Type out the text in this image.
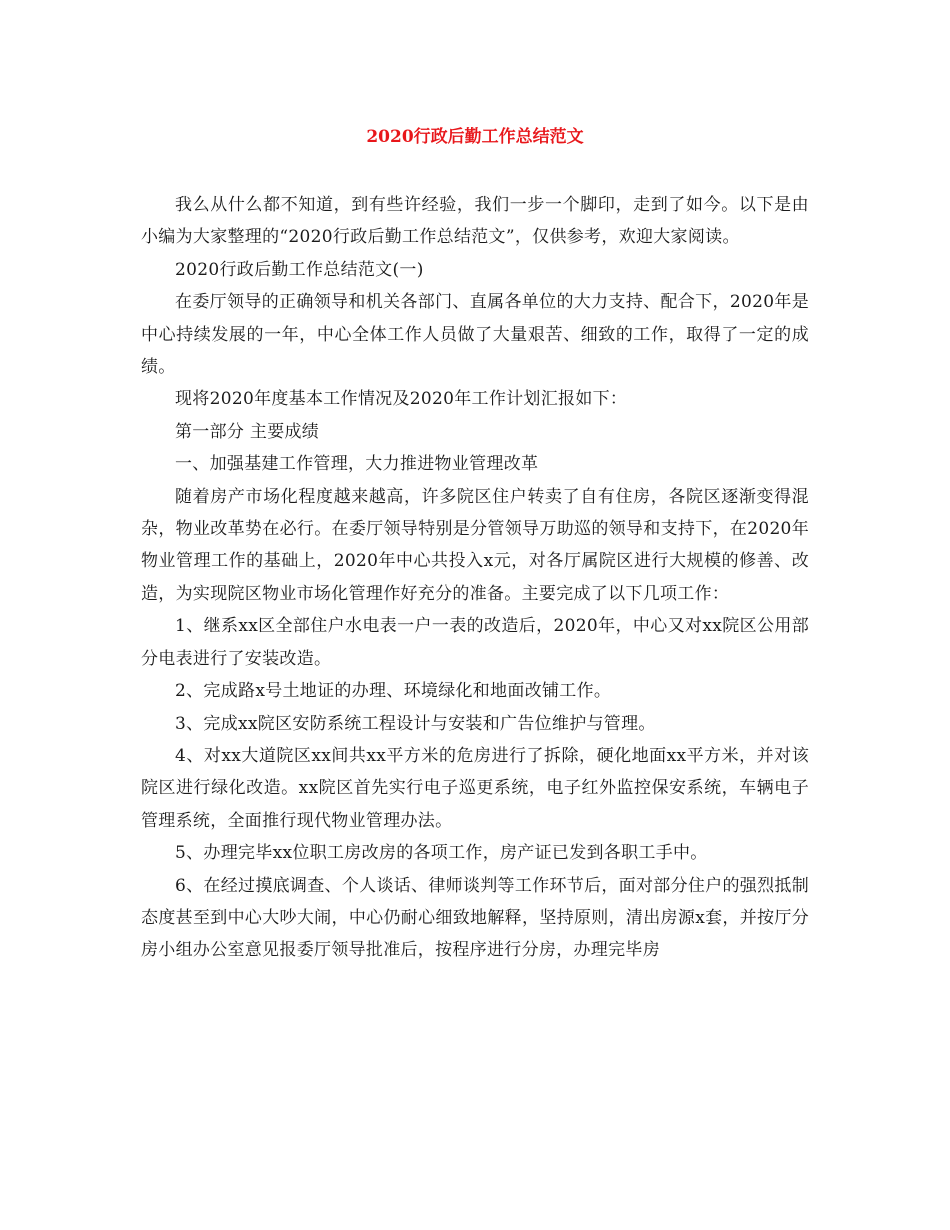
2020行政后勤工作总结范文

我么从什么都不知道，到有些许经验，我们一步一个脚印，走到了如今。以下是由小编为大家整理的“2020行政后勤工作总结范文”，仅供参考，欢迎大家阅读。

2020行政后勤工作总结范文(一)

在委厅领导的正确领导和机关各部门、直属各单位的大力支持、配合下，2020年是中心持续发展的一年，中心全体工作人员做了大量艰苦、细致的工作，取得了一定的成绩。

现将2020年度基本工作情况及2020年工作计划汇报如下：

第一部分 主要成绩

一、加强基建工作管理，大力推进物业管理改革

随着房产市场化程度越来越高，许多院区住户转卖了自有住房，各院区逐渐变得混杂，物业改革势在必行。在委厅领导特别是分管领导万助巡的领导和支持下，在2020年物业管理工作的基础上，2020年中心共投入x元，对各厅属院区进行大规模的修善、改造，为实现院区物业市场化管理作好充分的准备。主要完成了以下几项工作：

1、继系xx区全部住户水电表一户一表的改造后，2020年，中心又对xx院区公用部分电表进行了安装改造。

2、完成路x号土地证的办理、环境绿化和地面改铺工作。

3、完成xx院区安防系统工程设计与安装和广告位维护与管理。

4、对xx大道院区xx间共xx平方米的危房进行了拆除，硬化地面xx平方米，并对该院区进行绿化改造。xx院区首先实行电子巡更系统，电子红外监控保安系统，车辆电子管理系统，全面推行现代物业管理办法。

5、办理完毕xx位职工房改房的各项工作，房产证已发到各职工手中。

6、在经过摸底调查、个人谈话、律师谈判等工作环节后，面对部分住户的强烈抵制态度甚至到中心大吵大闹，中心仍耐心细致地解释，坚持原则，清出房源x套，并按厅分房小组办公室意见报委厅领导批准后，按程序进行分房，办理完毕房
